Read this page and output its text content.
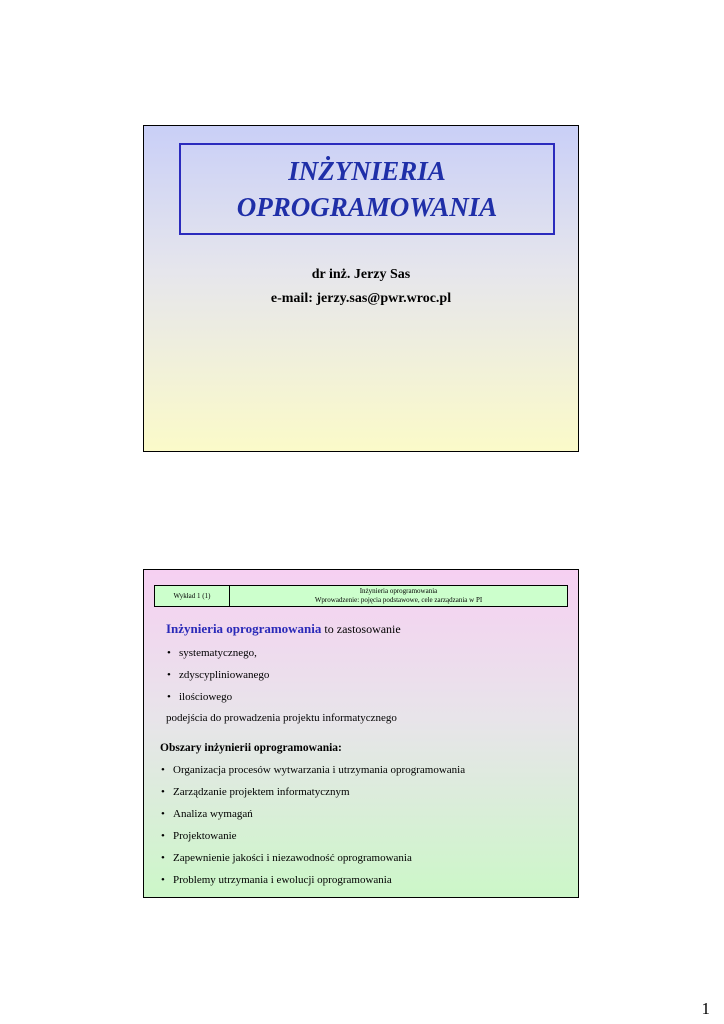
INŻYNIERIA
OPROGRAMOWANIA
dr inż. Jerzy Sas
e-mail: jerzy.sas@pwr.wroc.pl
Wykład 1 (1)
Inżynieria oprogramowania
Wprowadzenie: pojęcia podstawowe, cele zarządzania w PI
Inżynieria oprogramowania to zastosowanie
• systematycznego,
• zdyscypliniowanego
• ilościowego
podejścia do prowadzenia projektu informatycznego
Obszary inżynierii oprogramowania:
• Organizacja procesów wytwarzania i utrzymania oprogramowania
• Zarządzanie projektem informatycznym
• Analiza wymagań
• Projektowanie
• Zapewnienie jakości i niezawodność oprogramowania
• Problemy utrzymania i ewolucji oprogramowania
1
